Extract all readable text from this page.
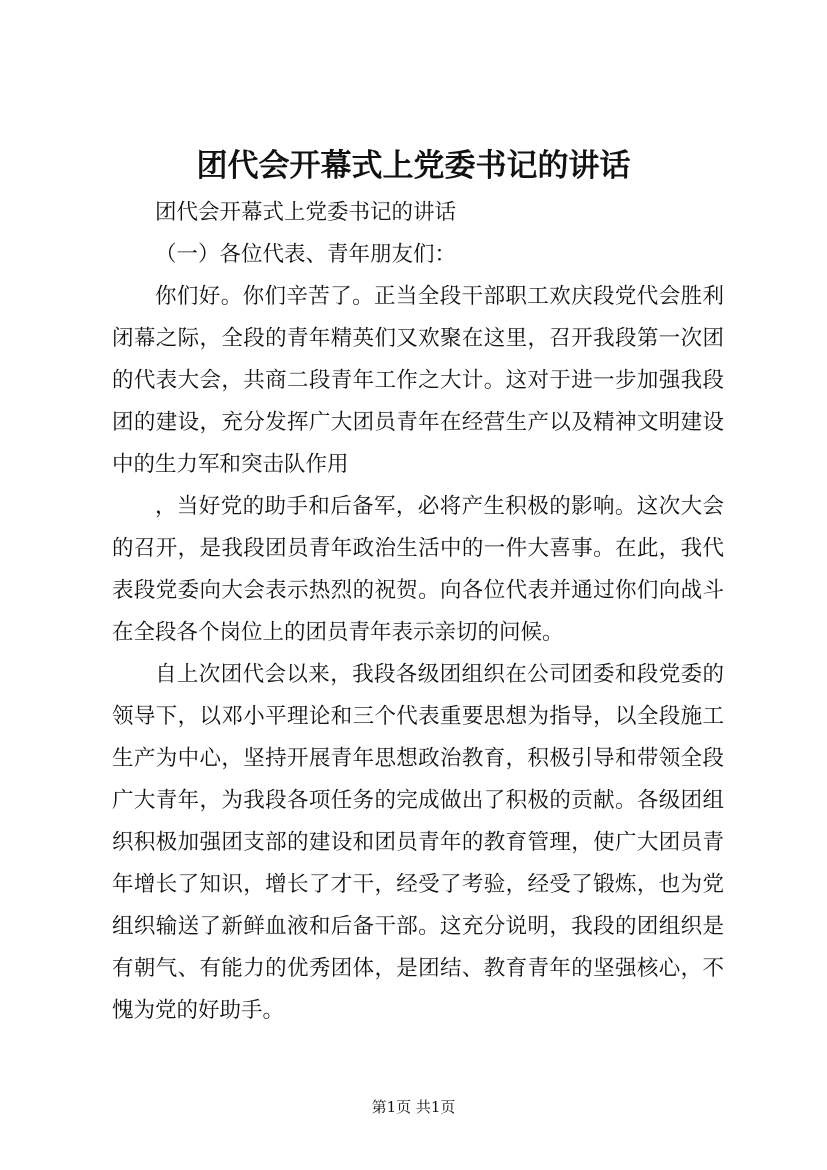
团代会开幕式上党委书记的讲话

团代会开幕式上党委书记的讲话

（一）各位代表、青年朋友们：

你们好。你们辛苦了。正当全段干部职工欢庆段党代会胜利闭幕之际，全段的青年精英们又欢聚在这里，召开我段第一次团的代表大会，共商二段青年工作之大计。这对于进一步加强我段团的建设，充分发挥广大团员青年在经营生产以及精神文明建设中的生力军和突击队作用

，当好党的助手和后备军，必将产生积极的影响。这次大会的召开，是我段团员青年政治生活中的一件大喜事。在此，我代表段党委向大会表示热烈的祝贺。向各位代表并通过你们向战斗在全段各个岗位上的团员青年表示亲切的问候。

自上次团代会以来，我段各级团组织在公司团委和段党委的领导下，以邓小平理论和三个代表重要思想为指导，以全段施工生产为中心，坚持开展青年思想政治教育，积极引导和带领全段广大青年，为我段各项任务的完成做出了积极的贡献。各级团组织积极加强团支部的建设和团员青年的教育管理，使广大团员青年增长了知识，增长了才干，经受了考验，经受了锻炼，也为党组织输送了新鲜血液和后备干部。这充分说明，我段的团组织是有朝气、有能力的优秀团体，是团结、教育青年的坚强核心，不愧为党的好助手。

第1页 共1页
